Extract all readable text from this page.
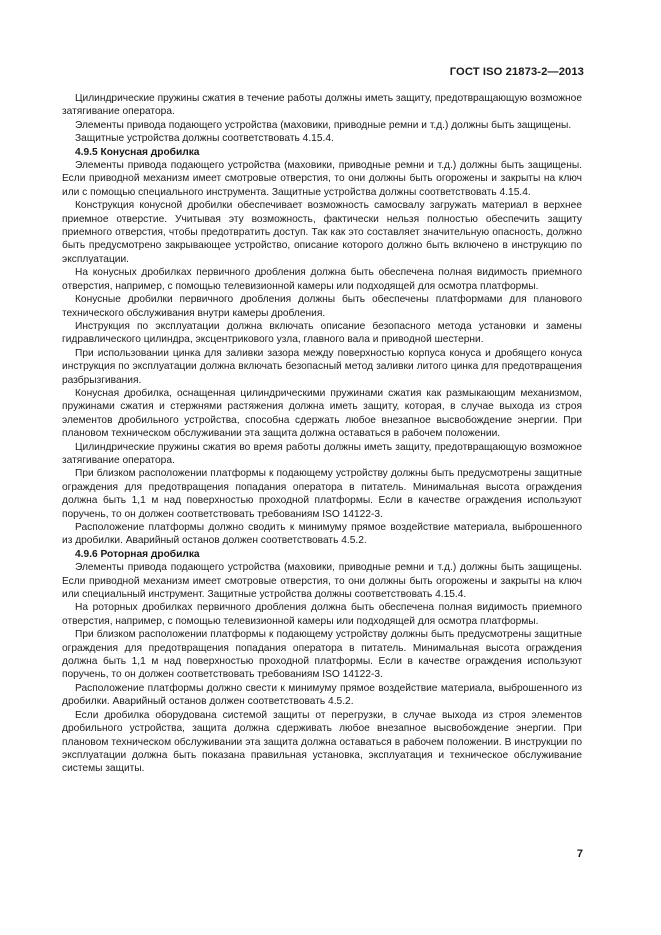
ГОСТ ISO 21873-2—2013

Цилиндрические пружины сжатия в течение работы должны иметь защиту, предотвращающую возможное затягивание оператора.

Элементы привода подающего устройства (маховики, приводные ремни и т.д.) должны быть защищены.

Защитные устройства должны соответствовать 4.15.4.

4.9.5 Конусная дробилка

Элементы привода подающего устройства (маховики, приводные ремни и т.д.) должны быть защищены. Если приводной механизм имеет смотровые отверстия, то они должны быть огорожены и закрыты на ключ или с помощью специального инструмента. Защитные устройства должны соответствовать 4.15.4.

Конструкция конусной дробилки обеспечивает возможность самосвалу загружать материал в верхнее приемное отверстие. Учитывая эту возможность, фактически нельзя полностью обеспечить защиту приемного отверстия, чтобы предотвратить доступ. Так как это составляет значительную опасность, должно быть предусмотрено закрывающее устройство, описание которого должно быть включено в инструкцию по эксплуатации.

На конусных дробилках первичного дробления должна быть обеспечена полная видимость приемного отверстия, например, с помощью телевизионной камеры или подходящей для осмотра платформы.

Конусные дробилки первичного дробления должны быть обеспечены платформами для планового технического обслуживания внутри камеры дробления.

Инструкция по эксплуатации должна включать описание безопасного метода установки и замены гидравлического цилиндра, эксцентрикового узла, главного вала и приводной шестерни.

При использовании цинка для заливки зазора между поверхностью корпуса конуса и дробящего конуса инструкция по эксплуатации должна включать безопасный метод заливки литого цинка для предотвращения разбрызгивания.

Конусная дробилка, оснащенная цилиндрическими пружинами сжатия как размыкающим механизмом, пружинами сжатия и стержнями растяжения должна иметь защиту, которая, в случае выхода из строя элементов дробильного устройства, способна сдержать любое внезапное высвобождение энергии. При плановом техническом обслуживании эта защита должна оставаться в рабочем положении.

Цилиндрические пружины сжатия во время работы должны иметь защиту, предотвращающую возможное затягивание оператора.

При близком расположении платформы к подающему устройству должны быть предусмотрены защитные ограждения для предотвращения попадания оператора в питатель. Минимальная высота ограждения должна быть 1,1 м над поверхностью проходной платформы. Если в качестве ограждения используют поручень, то он должен соответствовать требованиям ISO 14122-3.

Расположение платформы должно сводить к минимуму прямое воздействие материала, выброшенного из дробилки. Аварийный останов должен соответствовать 4.5.2.

4.9.6 Роторная дробилка

Элементы привода подающего устройства (маховики, приводные ремни и т.д.) должны быть защищены. Если приводной механизм имеет смотровые отверстия, то они должны быть огорожены и закрыты на ключ или специальный инструмент. Защитные устройства должны соответствовать 4.15.4.

На роторных дробилках первичного дробления должна быть обеспечена полная видимость приемного отверстия, например, с помощью телевизионной камеры или подходящей для осмотра платформы.

При близком расположении платформы к подающему устройству должны быть предусмотрены защитные ограждения для предотвращения попадания оператора в питатель. Минимальная высота ограждения должна быть 1,1 м над поверхностью проходной платформы. Если в качестве ограждения используют поручень, то он должен соответствовать требованиям ISO 14122-3.

Расположение платформы должно свести к минимуму прямое воздействие материала, выброшенного из дробилки. Аварийный останов должен соответствовать 4.5.2.

Если дробилка оборудована системой защиты от перегрузки, в случае выхода из строя элементов дробильного устройства, защита должна сдерживать любое внезапное высвобождение энергии. При плановом техническом обслуживании эта защита должна оставаться в рабочем положении. В инструкции по эксплуатации должна быть показана правильная установка, эксплуатация и техническое обслуживание системы защиты.

7
